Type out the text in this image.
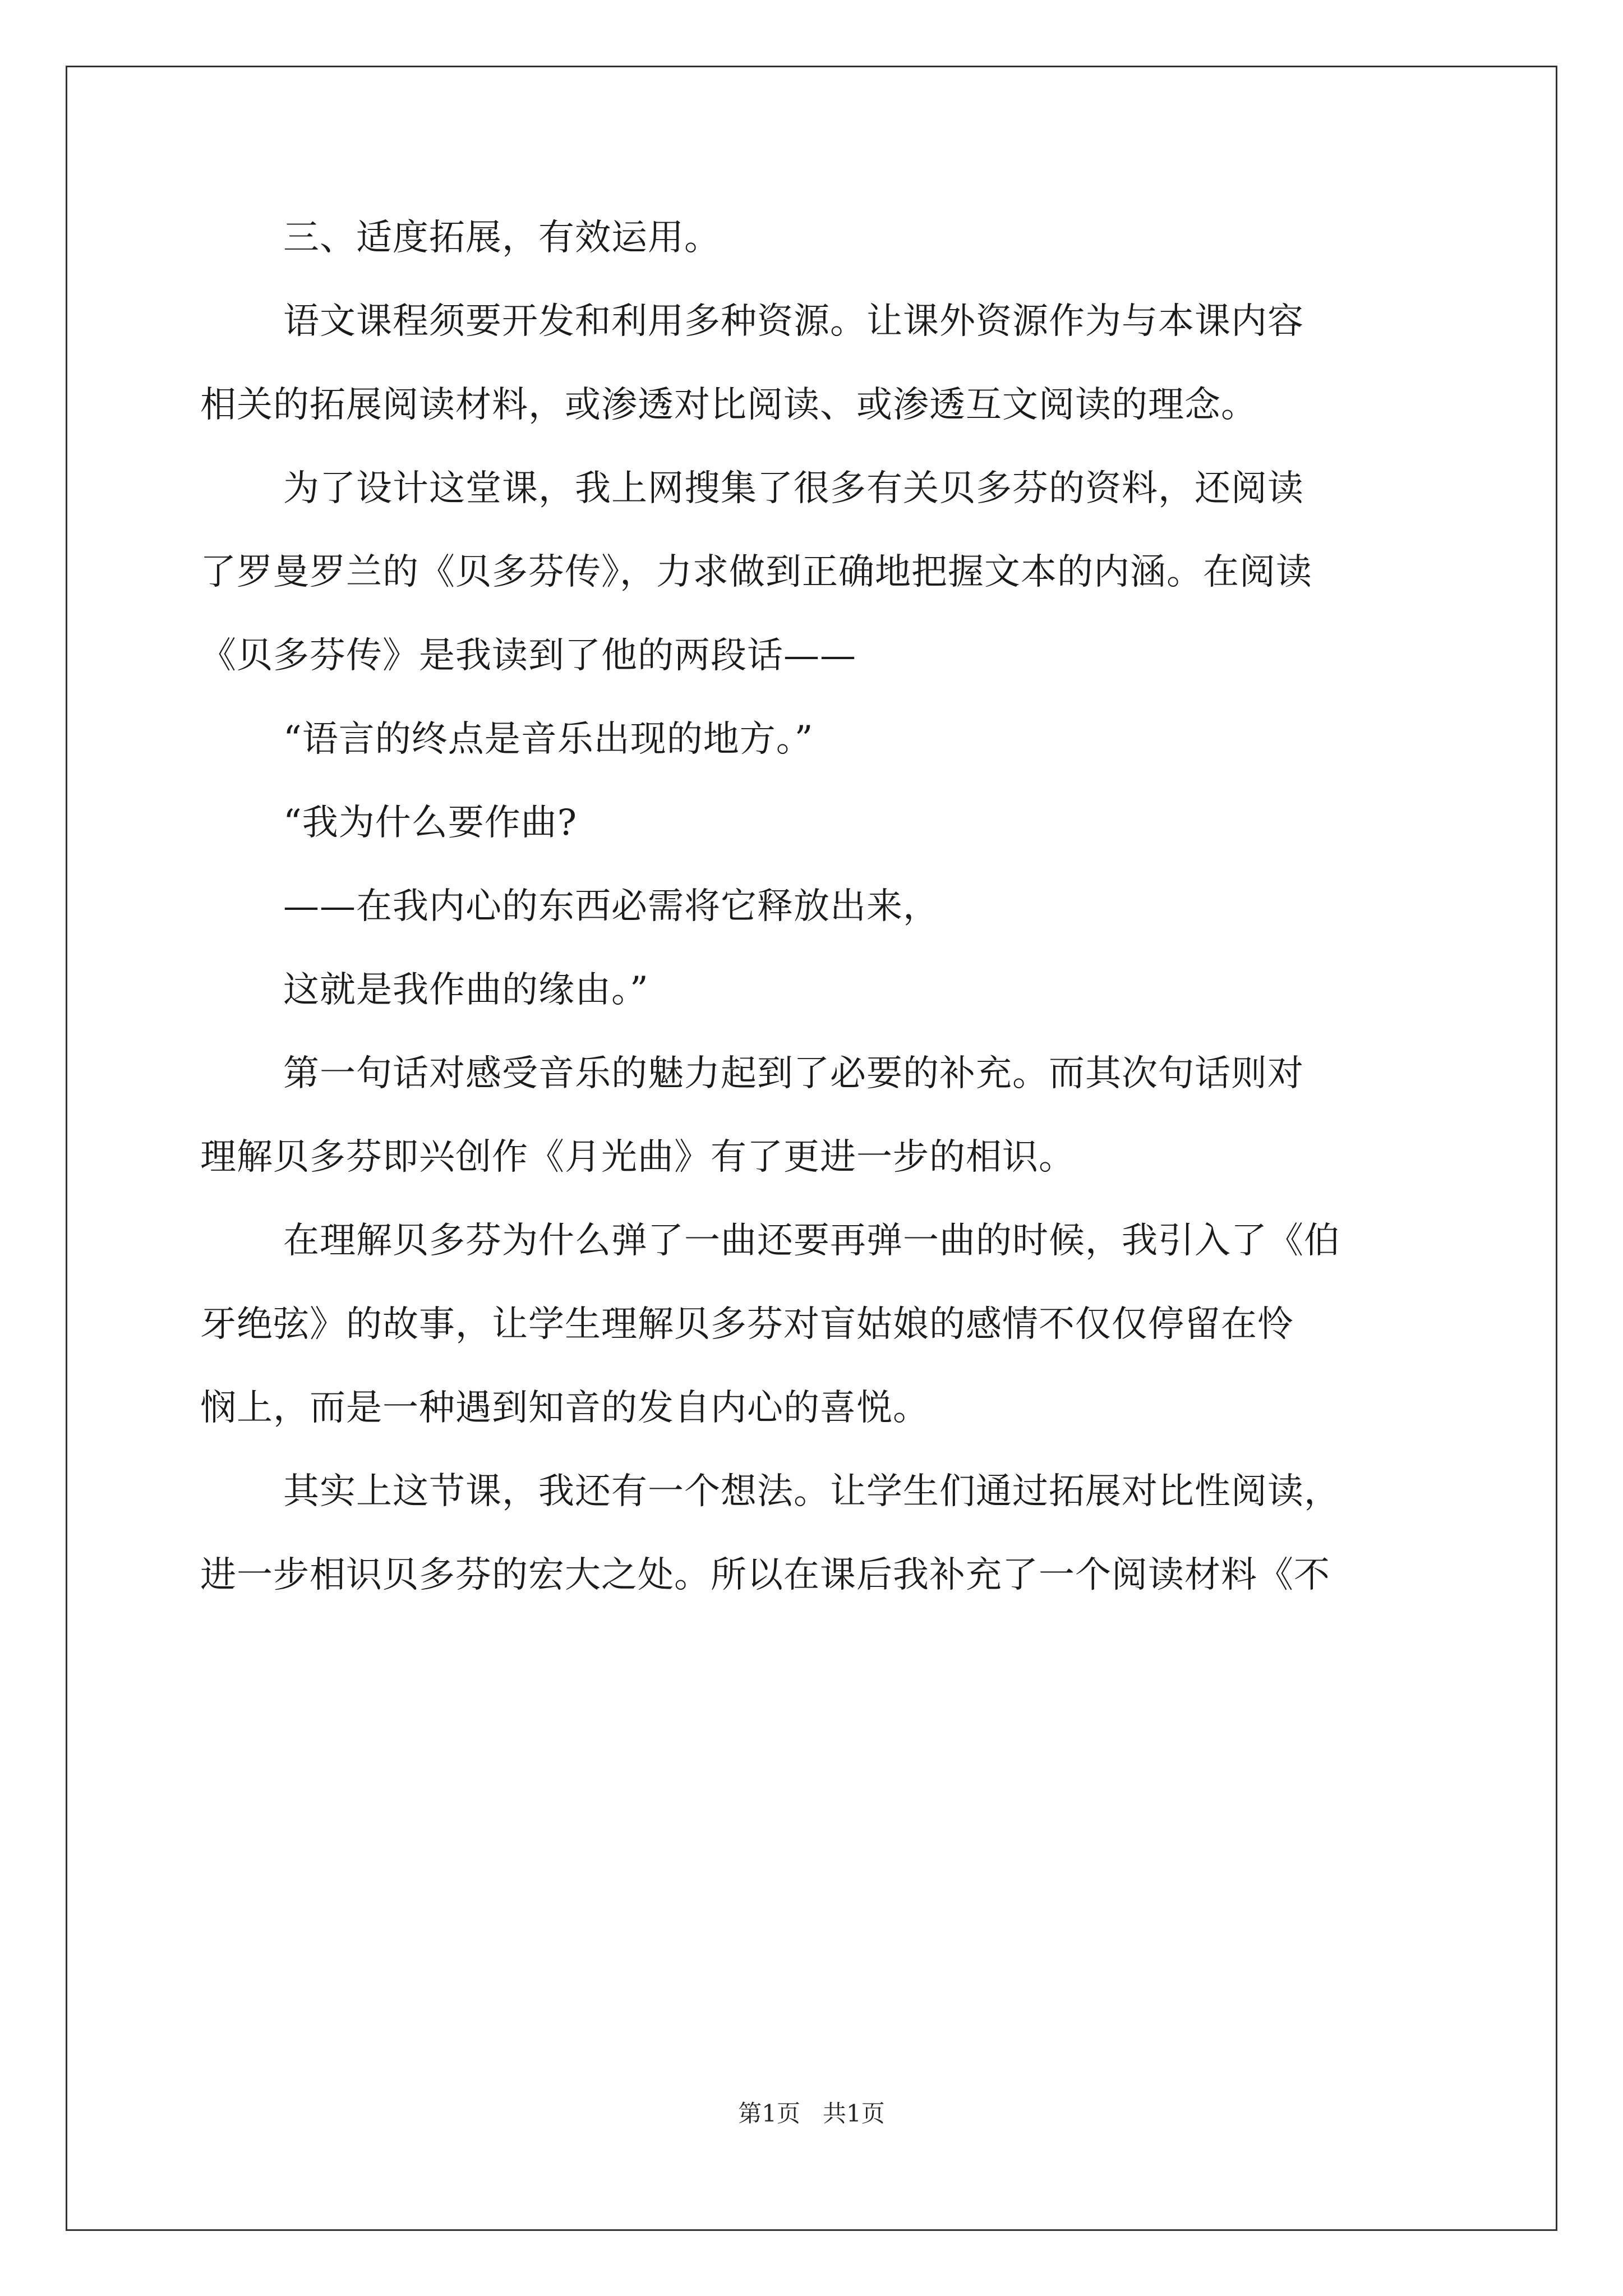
三、适度拓展，有效运用。
语文课程须要开发和利用多种资源。让课外资源作为与本课内容
相关的拓展阅读材料，或渗透对比阅读、或渗透互文阅读的理念。
为了设计这堂课，我上网搜集了很多有关贝多芬的资料，还阅读
了罗曼罗兰的《贝多芬传》，力求做到正确地把握文本的内涵。在阅读
《贝多芬传》是我读到了他的两段话——
“语言的终点是音乐出现的地方。”
“我为什么要作曲?
——在我内心的东西必需将它释放出来，
这就是我作曲的缘由。”
第一句话对感受音乐的魅力起到了必要的补充。而其次句话则对
理解贝多芬即兴创作《月光曲》有了更进一步的相识。
在理解贝多芬为什么弹了一曲还要再弹一曲的时候，我引入了《伯
牙绝弦》的故事，让学生理解贝多芬对盲姑娘的感情不仅仅停留在怜
悯上，而是一种遇到知音的发自内心的喜悦。
其实上这节课，我还有一个想法。让学生们通过拓展对比性阅读，
进一步相识贝多芬的宏大之处。所以在课后我补充了一个阅读材料《不
第1页 共1页
